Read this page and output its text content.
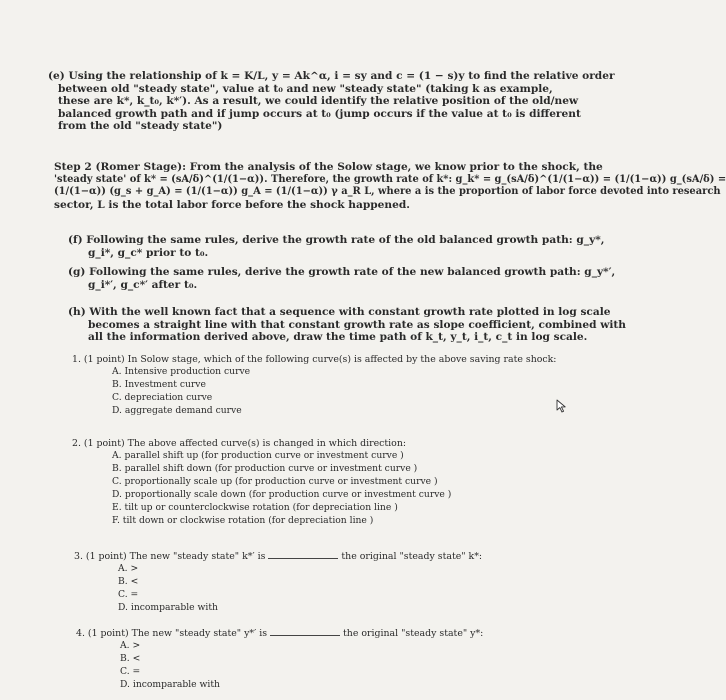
(e) Using the relationship of k = K/L, y = Ak^α, i = sy and c = (1 − s)y to find the relative order

between old "steady state", value at t₀ and new "steady state" (taking k as example,

these are k*, k_t₀, k*′). As a result, we could identify the relative position of the old/new

balanced growth path and if jump occurs at t₀ (jump occurs if the value at t₀ is different

from the old "steady state")

Step 2 (Romer Stage): From the analysis of the Solow stage, we know prior to the shock, the

'steady state' of k* = (sA/δ)^(1/(1−α)). Therefore, the growth rate of k*: g_k* = g_(sA/δ)^(1/(1−α)) = (1/(1−α)) g_(sA/δ) =

(1/(1−α)) (g_s + g_A) = (1/(1−α)) g_A = (1/(1−α)) γ a_R L, where a is the proportion of labor force devoted into research

sector, L is the total labor force before the shock happened.

(f) Following the same rules, derive the growth rate of the old balanced growth path: g_y*,

g_i*, g_c* prior to t₀.

(g) Following the same rules, derive the growth rate of the new balanced growth path: g_y*′,

g_i*′, g_c*′ after t₀.

(h) With the well known fact that a sequence with constant growth rate plotted in log scale

becomes a straight line with that constant growth rate as slope coefficient, combined with

all the information derived above, draw the time path of k_t, y_t, i_t, c_t in log scale.

1. (1 point) In Solow stage, which of the following curve(s) is affected by the above saving rate shock:

A. Intensive production curve

B. Investment curve

C. depreciation curve

D. aggregate demand curve

2. (1 point) The above affected curve(s) is changed in which direction:

A. parallel shift up (for production curve or investment curve )

B. parallel shift down (for production curve or investment curve )

C. proportionally scale up (for production curve or investment curve )

D. proportionally scale down (for production curve or investment curve )

E. tilt up or counterclockwise rotation (for depreciation line )

F. tilt down or clockwise rotation (for depreciation line )

3. (1 point) The new "steady state" k*′ is	the original "steady state" k*:

A. >

B. <

C. =

D. incomparable with

4. (1 point) The new "steady state" y*′ is	the original "steady state" y*:

A. >

B. <

C. =

D. incomparable with
